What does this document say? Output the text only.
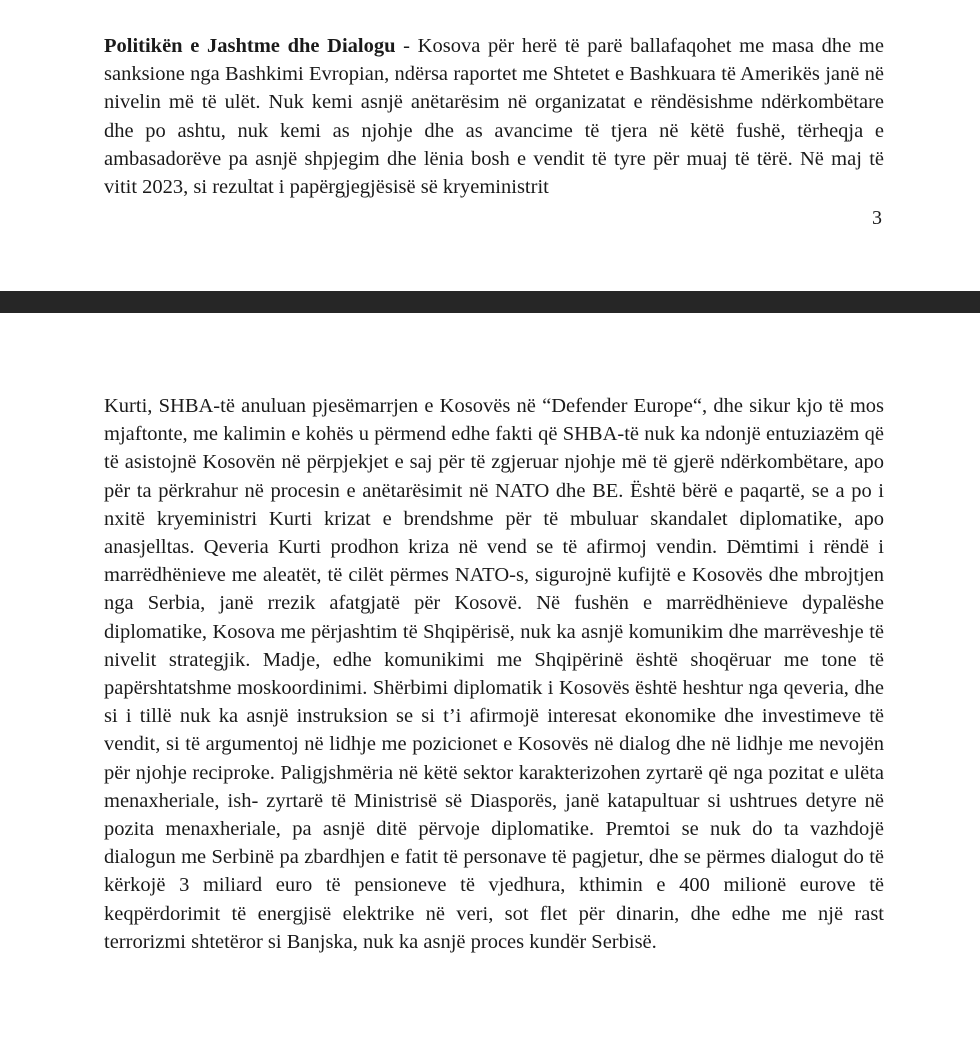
Politikën e Jashtme dhe Dialogu - Kosova për herë të parë ballafaqohet me masa dhe me sanksione nga Bashkimi Evropian, ndërsa raportet me Shtetet e Bashkuara të Amerikës janë në nivelin më të ulët. Nuk kemi asnjë anëtarësim në organizatat e rëndësishme ndërkombëtare dhe po ashtu, nuk kemi as njohje dhe as avancime të tjera në këtë fushë, tërheqja e ambasadorëve pa asnjë shpjegim dhe lënia bosh e vendit të tyre për muaj të tërë. Në maj të vitit 2023, si rezultat i papërgjegjësisë së kryeministrit

3

Kurti, SHBA-të anuluan pjesëmarrjen e Kosovës në “Defender Europe“, dhe sikur kjo të mos mjaftonte, me kalimin e kohës u përmend edhe fakti që SHBA-të nuk ka ndonjë entuziazëm që të asistojnë Kosovën në përpjekjet e saj për të zgjeruar njohje më të gjerë ndërkombëtare, apo për ta përkrahur në procesin e anëtarësimit në NATO dhe BE. Është bërë e paqartë, se a po i nxitë kryeministri Kurti krizat e brendshme për të mbuluar skandalet diplomatike, apo anasjelltas. Qeveria Kurti prodhon kriza në vend se të afirmoj vendin. Dëmtimi i rëndë i marrëdhënieve me aleatët, të cilët përmes NATO-s, sigurojnë kufijtë e Kosovës dhe mbrojtjen nga Serbia, janë rrezik afatgjatë për Kosovë. Në fushën e marrëdhënieve dypalëshe diplomatike, Kosova me përjashtim të Shqipërisë, nuk ka asnjë komunikim dhe marrëveshje të nivelit strategjik. Madje, edhe komunikimi me Shqipërinë është shoqëruar me tone të papërshtatshme moskoordinimi. Shërbimi diplomatik i Kosovës është heshtur nga qeveria, dhe si i tillë nuk ka asnjë instruksion se si t’i afirmojë interesat ekonomike dhe investimeve të vendit, si të argumentoj në lidhje me pozicionet e Kosovës në dialog dhe në lidhje me nevojën për njohje reciproke. Paligjshmëria në këtë sektor karakterizohen zyrtarë që nga pozitat e ulëta menaxheriale, ish- zyrtarë të Ministrisë së Diasporës, janë katapultuar si ushtrues detyre në pozita menaxheriale, pa asnjë ditë përvoje diplomatike. Premtoi se nuk do ta vazhdojë dialogun me Serbinë pa zbardhjen e fatit të personave të pagjetur, dhe se përmes dialogut do të kërkojë 3 miliard euro të pensioneve të vjedhura, kthimin e 400 milionë eurove të keqpërdorimit të energjisë elektrike në veri, sot flet për dinarin, dhe edhe me një rast terrorizmi shtetëror si Banjska, nuk ka asnjë proces kundër Serbisë.
